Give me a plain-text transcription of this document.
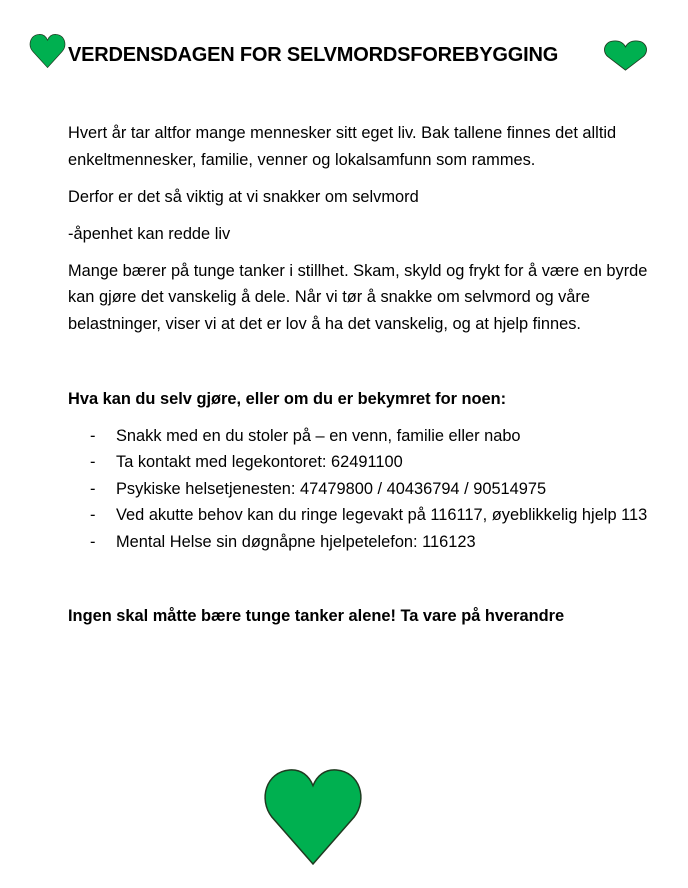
VERDENSDAGEN FOR SELVMORDSFOREBYGGING

Hvert år tar altfor mange mennesker sitt eget liv. Bak tallene finnes det alltid enkeltmennesker, familie, venner og lokalsamfunn som rammes.

Derfor er det så viktig at vi snakker om selvmord

-åpenhet kan redde liv

Mange bærer på tunge tanker i stillhet. Skam, skyld og frykt for å være en byrde kan gjøre det vanskelig å dele. Når vi tør å snakke om selvmord og våre belastninger, viser vi at det er lov å ha det vanskelig, og at hjelp finnes.

Hva kan du selv gjøre, eller om du er bekymret for noen:

- Snakk med en du stoler på – en venn, familie eller nabo
- Ta kontakt med legekontoret: 62491100
- Psykiske helsetjenesten: 47479800 / 40436794 / 90514975
- Ved akutte behov kan du ringe legevakt på 116117, øyeblikkelig hjelp 113
- Mental Helse sin døgnåpne hjelpetelefon: 116123

Ingen skal måtte bære tunge tanker alene! Ta vare på hverandre
